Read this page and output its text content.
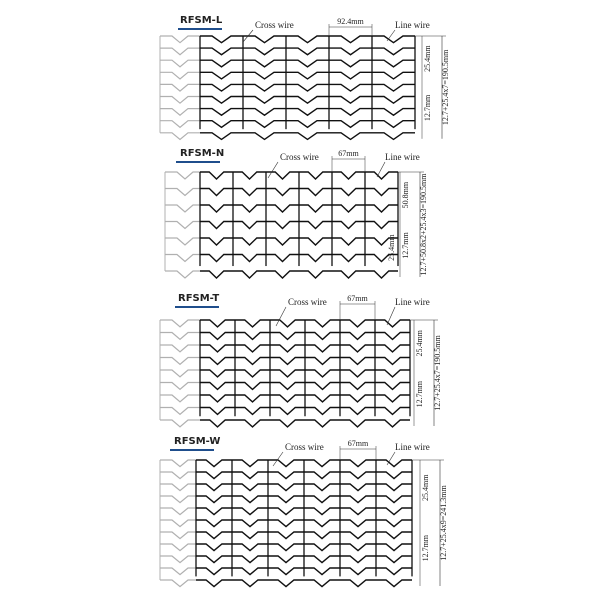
RFSM-L	Cross wire	Line wire
92.4mm
12.7+25.4x7=190.5mm
25.4mm
12.7mm
RFSM-N	Cross wire	Line wire
67mm
12.7+50.8x2+25.4x3=190.5mm
50.8mm
12.7mm
25.4mm
RFSM-T	Cross wire	Line wire
67mm
12.7+25.4x7=190.5mm
25.4mm
12.7mm
RFSM-W	Cross wire	Line wire
67mm
12.7+25.4x9=241.3mm
25.4mm
12.7mm
